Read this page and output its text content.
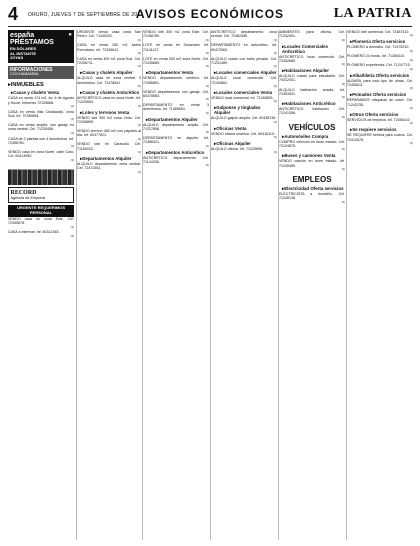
4 ORURO, JUEVES 7 DE SEPTIEMBRE DE 2017
AVISOS ECONÓMICOS	LA PATRIA
españa	⚑
PRÉSTAMOS
EN DÓLARES
AL INSTANTE
JOYAS
INFORMACIONES
COCHABAMBA
▸ INMUEBLES
▸ Casas y chalets Venta
CASA en venta 174 m2. Av. 6 de Agosto y Sucre. Informes 72125666.
(3)
CASA en venta Villa Challacollo, zona Sud. Inf. 70789654.
(3)
CASA en venta amplia, con garaje en zona central. Cel. 71230456.
(3)
CASA de 2 plantas con 4 dormitorios. Inf. 72456781.
(3)
VENDO casa en zona Norte, calle Caro. Cel. 60414550.
(3)
RECORD
Agencia de Empleos
URGENTE REQUERIMOS PERSONAL
VENDO casa en zona Este, Cel. 72345678.
(3)
CASA a estrenar. Inf. 60312345.
(3)
URGENTE vendo casa zona San Pedro. Cel. 71440202.
(3)
CASA en venta 250 m2 barrio Ferroviario. Inf. 72345612.
(3)
CASA en venta 300 m2 zona Sud. Cel. 72256711.
(3)
▸ Casas y chalets Alquiler
ALQUILO casa en zona central, 3 dormitorios. Cel. 72478541.
(3)
▸ Casas y chalets Anticrético
ANTICRÉTICO casa en zona Norte. Inf. 71220654.
(3)
▸ Lotes y terrenos Venta
VENDO lote 300 m2 zona Vinto. Cel. 72436899.
(3)
VENDO terreno 450 m2 con papeles al día. Inf. 60477821.
(3)
VENDO lote en Caracollo. Cel. 71150022.
(3)
▸ Departamentos Alquiler
ALQUILO departamento zona central. Cel. 72472551.
(3)
VENDO lote 300 m2 zona Este. Cel. 72156789.
(3)
LOTE en venta en Socamani. Inf. 71141127.
(3)
LOTE en venta 200 m2 zona Norte. Cel. 71245689.
(3)
▸ Departamentos Venta
VENDO departamento céntrico. Inf. 72456891.
(3)
VENDO departamento con garaje. Cel. 60478563.
(3)
DEPARTAMENTO en venta 3 dormitorios. Inf. 71489654.
(3)
▸ Departamentos Alquiler
ALQUILO departamento amplio. Cel. 71227856.
(3)
DEPARTAMENTO en alquiler. Inf. 72486321.
(3)
▸ Departamentos Anticrético
ANTICRÉTICO departamento. Cel. 71144336.
(3)
ANTICRÉTICO departamento zona central. Cel. 72462456.
(3)
DEPARTAMENTO en anticrético. Inf. 60472563.
(3)
ALQUILO cuarto con baño privado. Cel. 71231489.
(3)
▸ Locales comerciales Alquiler
ALQUILO local comercial. Cel. 72154862.
(3)
▸ Locales comerciales Venta
VENDO local comercial. Inf. 71245893.
(3)
▸ Galpones y tinglados Alquiler
ALQUILO galpón amplio. Cel. 60438745.
(3)
▸ Oficinas Venta
VENDO oficina céntrica. Cel. 60416110.
(3)
▸ Oficinas Alquiler
ALQUILO oficina. Inf. 71225896.
(3)
AMBIENTES para oficina. Cel. 71242451.
(3)
▸ Locales Comerciales Anticrético
ANTICRÉTICO local comercial. Cel. 72452689.
(3)
▸ Habitaciones Alquiler
ALQUILO cuarto para estudiante. Cel. 70412001.
(3)
ALQUILO habitación amplia. Inf. 72453001.
(3)
▸ Habitaciones Anticrético
ANTICRÉTICO habitación. Cel. 71241356.
(3)
VEHÍCULOS
▸ Automóviles Compra
COMPRO vehículo en buen estado. Cel. 72124875.
(3)
▸ Buses y camiones Venta
VENDO camión en buen estado. Inf. 71245489.
(3)
EMPLEOS
▸ Electricidad Oferta servicios
ELECTRICISTA a domicilio. Cel. 71245136.
(3)
VENDO lote comercial. Cel. 72487410.
(3)
▸ Plomería Oferta servicios
PLOMERO a domicilio. Cel. 72475210.
(3)
PLOMERO 24 horas. Inf. 71265410.
(3)
PLOMERO experiencia. Cel. 71247710.
(3)
▸ Albañilería Oferta servicios
ALBAÑIL para todo tipo de obras. Cel. 72455011.
(3)
▸ Peinados Oferta servicios
REPARAMOS máquinas de coser. Cel. 71242235.
(3)
▸ Otros Oferta servicios
SERVICIOS de limpieza. Inf. 72456102.
(3)
▸ Se requiere servicios
SE REQUIERE señora para cocina. Cel. 72412678.
(3)
